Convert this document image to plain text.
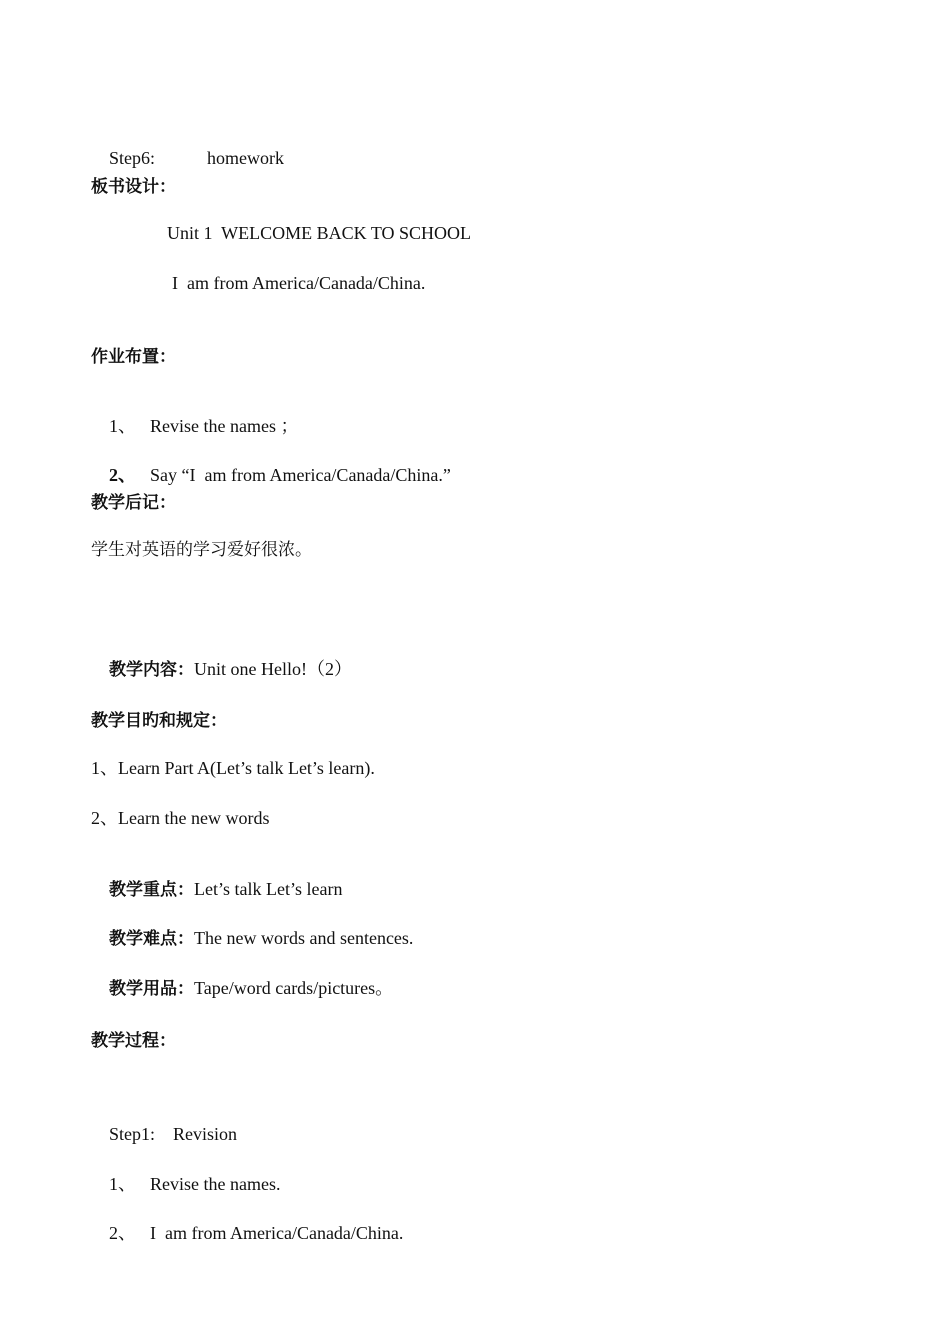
Step6:	homework

板书设计：
Unit 1  WELCOME BACK TO SCHOOL
I  am from America/Canada/China.
作业布置：

1、 Revise the names ；

2、 Say “I  am from America/Canada/China.”

教学后记：
学生对英语的学习爱好很浓。

教学内容：Unit one Hello!（2）

教学目旳和规定：
1、Learn Part A(Let’s talk Let’s learn).
2、Learn the new words

教学重点：Let’s talk Let’s learn

教学难点：The new words and sentences.

教学用品：Tape/word cards/pictures。

教学过程：

Step1: Revision

1、 Revise the names.

2、 I  am from America/Canada/China.
